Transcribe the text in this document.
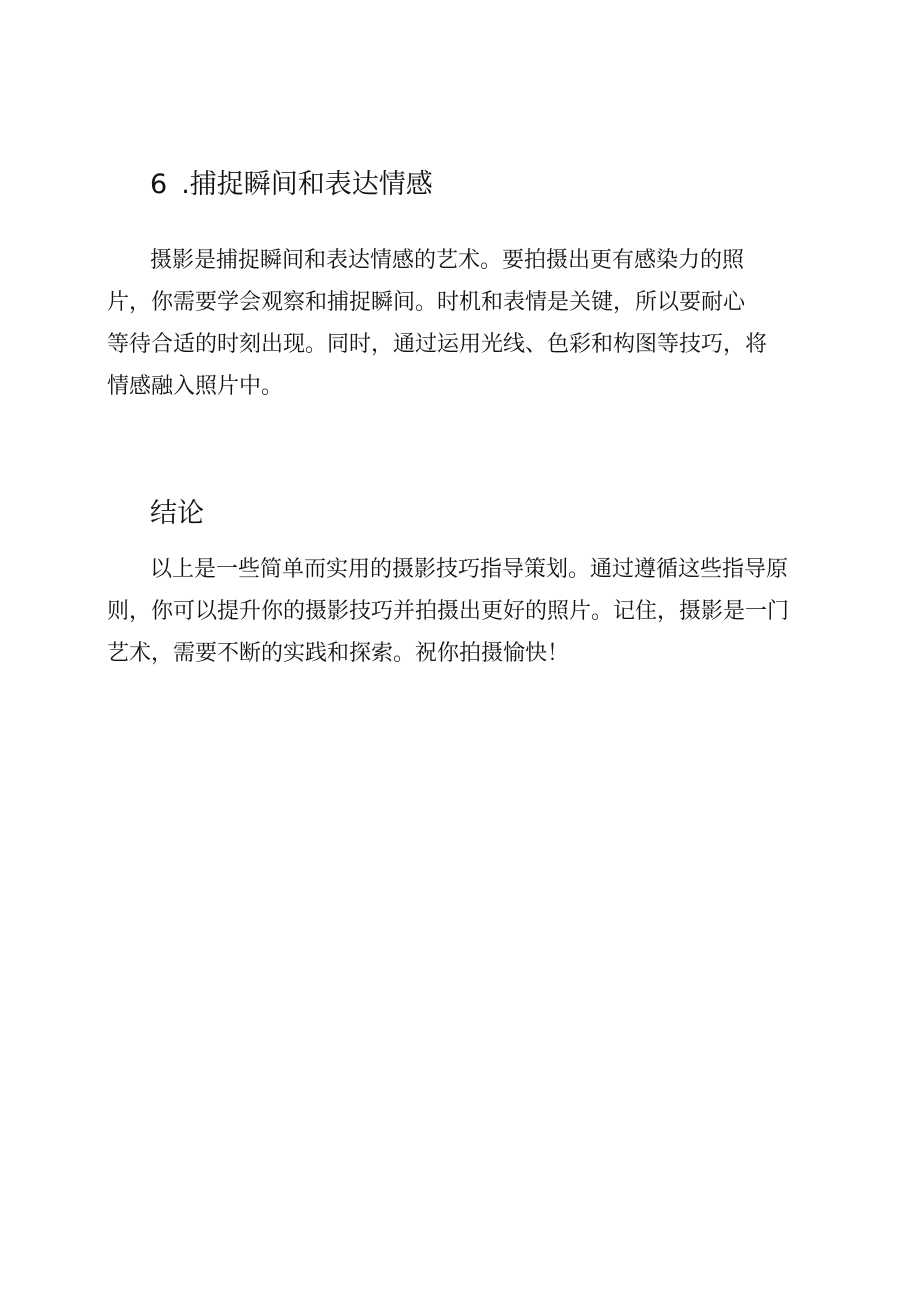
6 .捕捉瞬间和表达情感
摄影是捕捉瞬间和表达情感的艺术。要拍摄出更有感染力的照
片，你需要学会观察和捕捉瞬间。时机和表情是关键，所以要耐心
等待合适的时刻出现。同时，通过运用光线、色彩和构图等技巧，将
情感融入照片中。
结论
以上是一些简单而实用的摄影技巧指导策划。通过遵循这些指导原
则，你可以提升你的摄影技巧并拍摄出更好的照片。记住，摄影是一门
艺术，需要不断的实践和探索。祝你拍摄愉快！
